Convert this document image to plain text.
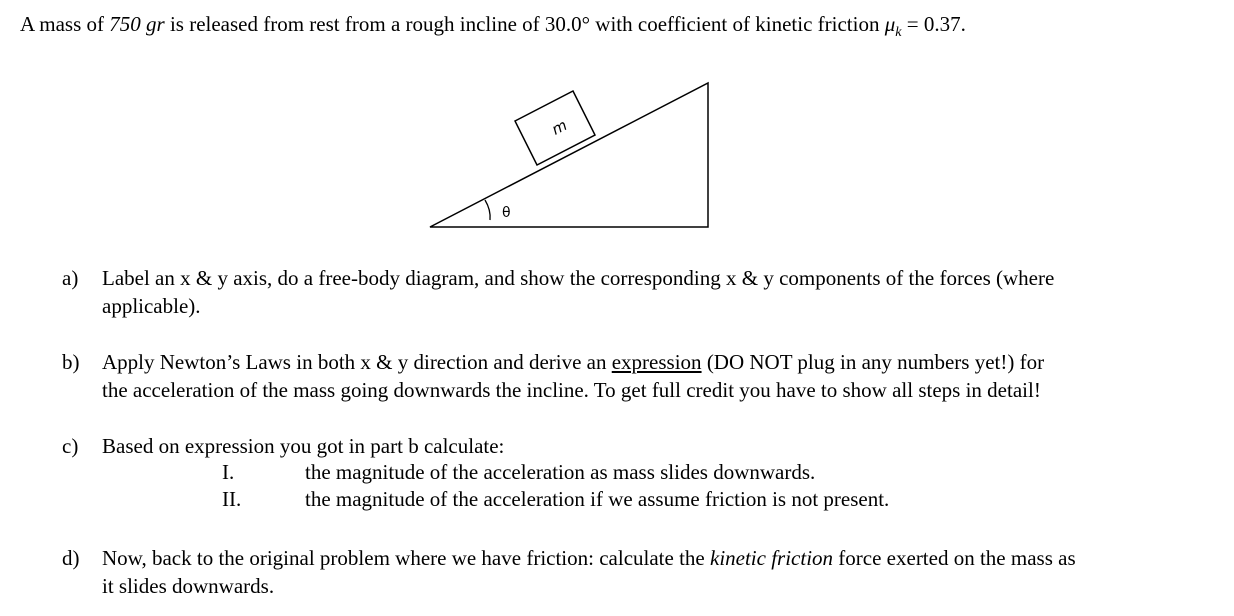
A mass of 750 gr is released from rest from a rough incline of 30.0° with coefficient of kinetic friction $\mu_k = 0.37$.
m
θ
a) Label an x & y axis, do a free-body diagram, and show the corresponding x & y components of the forces (where
applicable).
b) Apply Newton’s Laws in both x & y direction and derive an expression (DO NOT plug in any numbers yet!) for
the acceleration of the mass going downwards the incline. To get full credit you have to show all steps in detail!
c) Based on expression you got in part b calculate:
I.	the magnitude of the acceleration as mass slides downwards.
II.	the magnitude of the acceleration if we assume friction is not present.
d) Now, back to the original problem where we have friction: calculate the kinetic friction force exerted on the mass as
it slides downwards.
